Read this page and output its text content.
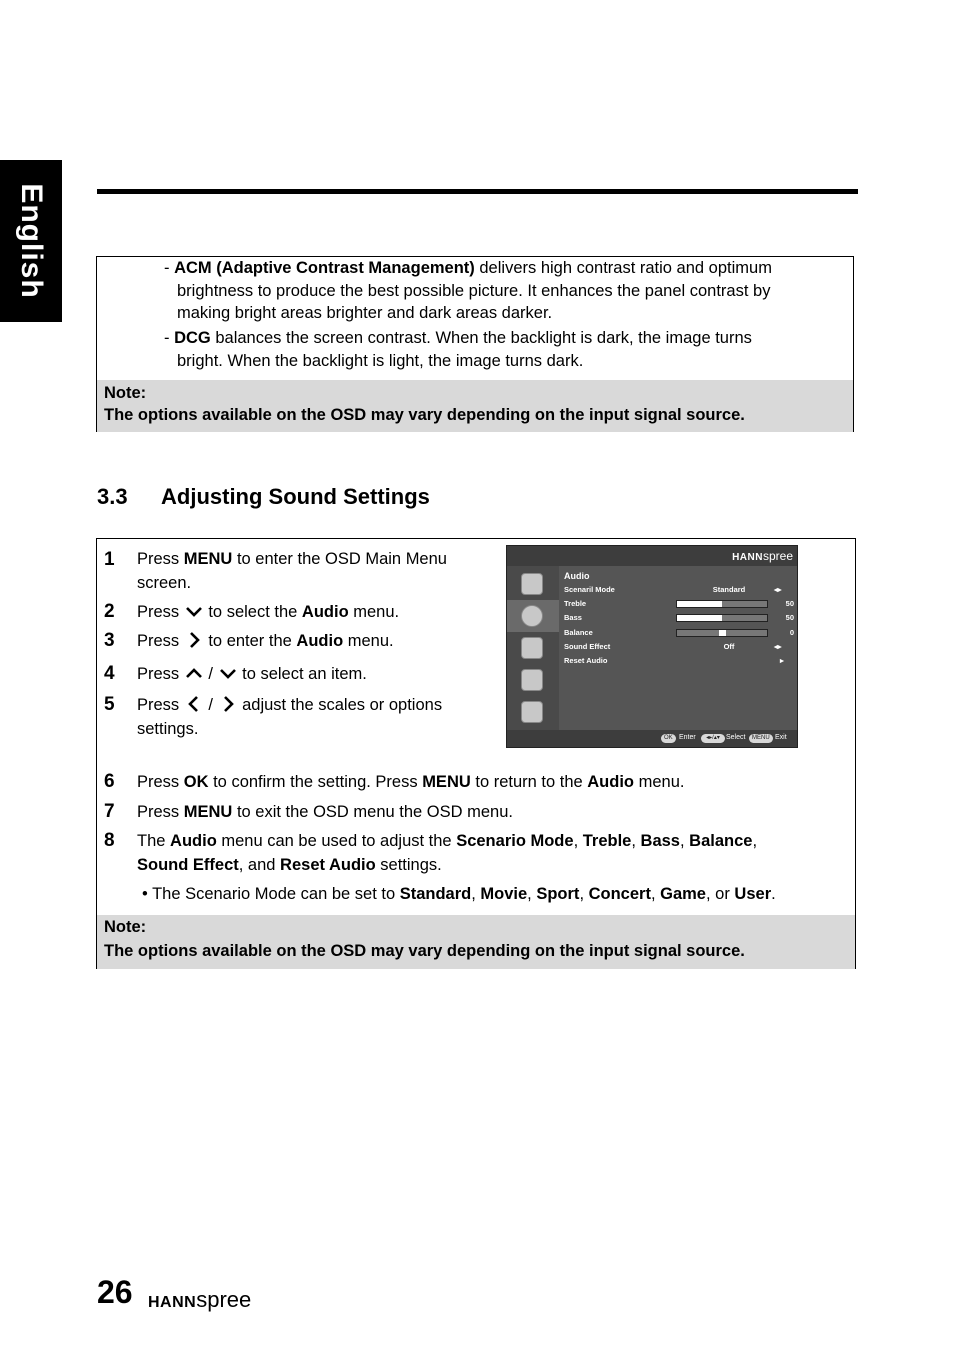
English	- ACM (Adaptive Contrast Management) delivers high contrast ratio and optimum
brightness to produce the best possible picture. It enhances the panel contrast by
making bright areas brighter and dark areas darker.
- DCG balances the screen contrast. When the backlight is dark, the image turns
bright. When the backlight is light, the image turns dark.
Note:
The options available on the OSD may vary depending on the input signal source.
3.3 Adjusting Sound Settings
1 Press MENU to enter the OSD Main Menu
screen.
2 Press  to select the Audio menu.
3 Press  to enter the Audio menu.
4 Press  /  to select an item.
5 Press  /  adjust the scales or options
settings.
6 Press OK to confirm the setting. Press MENU to return to the Audio menu.
7 Press MENU to exit the OSD menu the OSD menu.
8 The Audio menu can be used to adjust the Scenario Mode, Treble, Bass, Balance,
Sound Effect, and Reset Audio settings.
• The Scenario Mode can be set to Standard, Movie, Sport, Concert, Game, or User.
Note:
The options available on the OSD may vary depending on the input signal source.
HANNspree
Audio
Scenaril Mode	Standard	◂▸
Treble	50
Bass	50
Balance	0
Sound Effect	Off	◂▸
Reset Audio	▸
OK Enter	◂▸/▴▾ Select	MENU Exit
26 HANNspree
